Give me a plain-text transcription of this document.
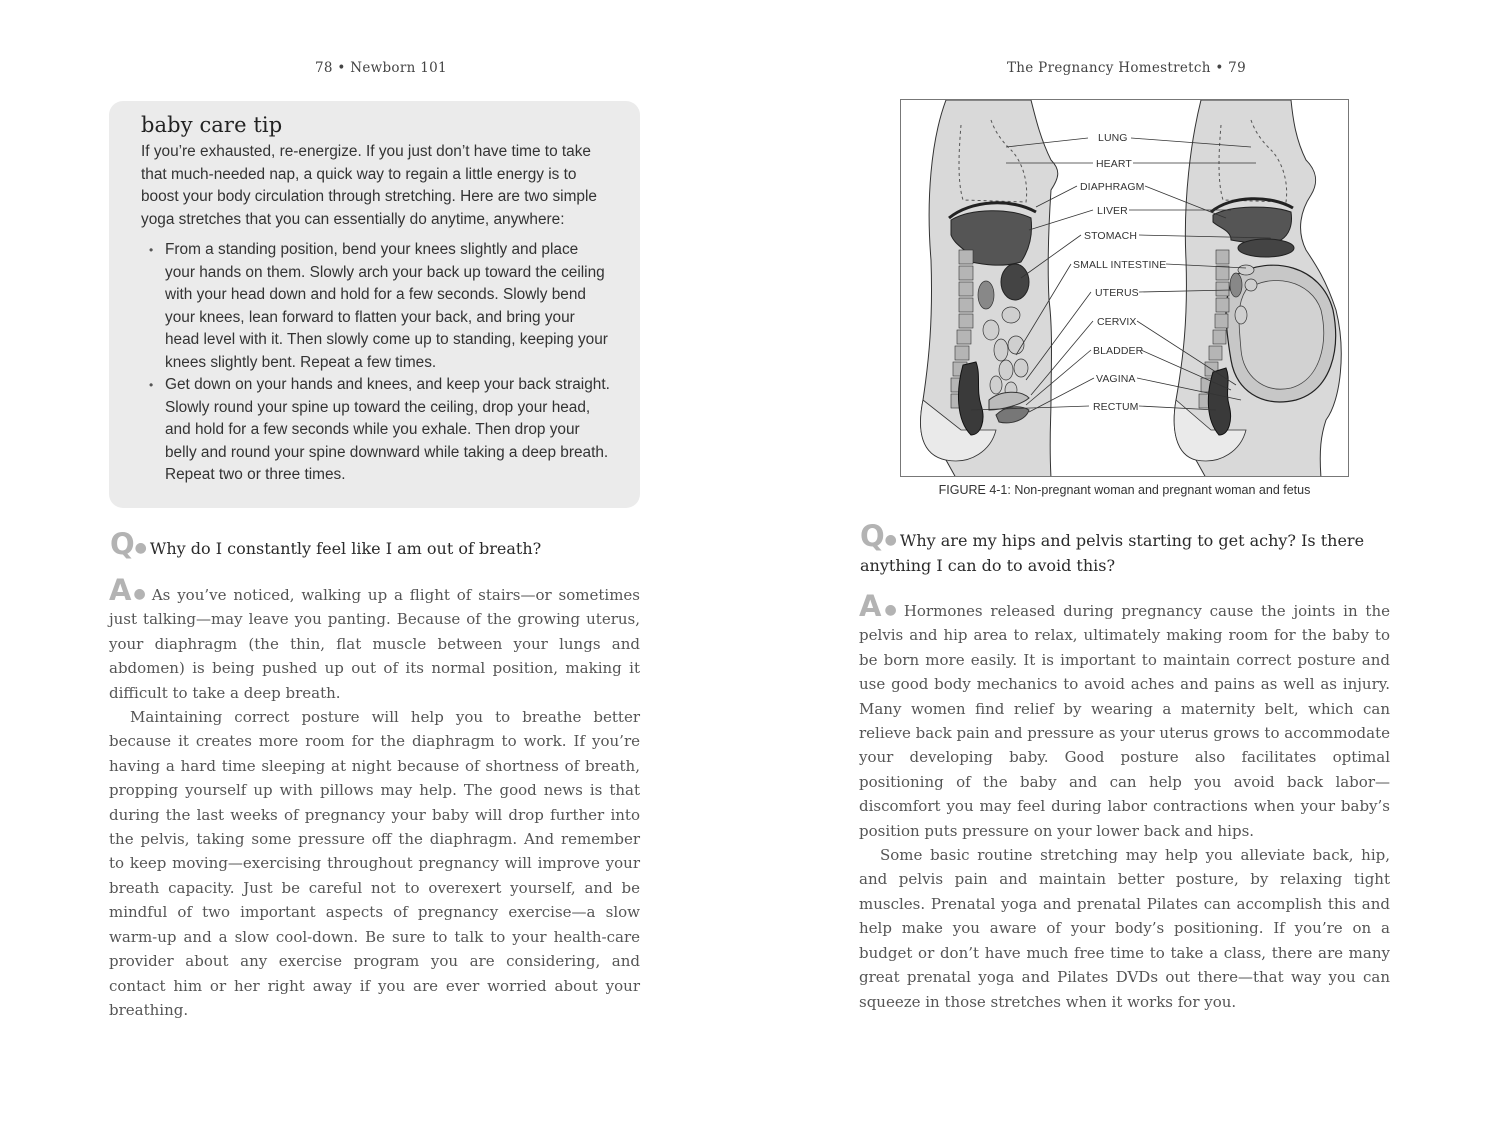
78 • Newborn 101
baby care tip

If you’re exhausted, re-energize. If you just don’t have time to take that much-needed nap, a quick way to regain a little energy is to boost your body circulation through stretching. Here are two simple yoga stretches that you can essentially do anytime, anywhere:

• From a standing position, bend your knees slightly and place your hands on them. Slowly arch your back up toward the ceiling with your head down and hold for a few seconds. Slowly bend your knees, lean forward to flatten your back, and bring your head level with it. Then slowly come up to standing, keeping your knees slightly bent. Repeat a few times.
• Get down on your hands and knees, and keep your back straight. Slowly round your spine up toward the ceiling, drop your head, and hold for a few seconds while you exhale. Then drop your belly and round your spine downward while taking a deep breath. Repeat two or three times.
Q● Why do I constantly feel like I am out of breath?

A● As you’ve noticed, walking up a flight of stairs—or sometimes just talking—may leave you panting. Because of the growing uterus, your diaphragm (the thin, flat muscle between your lungs and abdomen) is being pushed up out of its normal position, making it difficult to take a deep breath.

Maintaining correct posture will help you to breathe better because it creates more room for the diaphragm to work. If you’re having a hard time sleeping at night because of shortness of breath, propping yourself up with pillows may help. The good news is that during the last weeks of pregnancy your baby will drop further into the pelvis, taking some pressure off the diaphragm. And remember to keep moving—exercising throughout pregnancy will improve your breath capacity. Just be careful not to overexert yourself, and be mindful of two important aspects of pregnancy exercise—a slow warm-up and a slow cool-down. Be sure to talk to your health-care provider about any exercise program you are considering, and contact him or her right away if you are ever worried about your breathing.

The Pregnancy Homestretch • 79
LUNG
HEART
DIAPHRAGM
LIVER
STOMACH
SMALL INTESTINE
UTERUS
CERVIX
BLADDER
VAGINA
RECTUM
FIGURE 4-1: Non-pregnant woman and pregnant woman and fetus
Q● Why are my hips and pelvis starting to get achy? Is there anything I can do to avoid this?

A● Hormones released during pregnancy cause the joints in the pelvis and hip area to relax, ultimately making room for the baby to be born more easily. It is important to maintain correct posture and use good body mechanics to avoid aches and pains as well as injury. Many women find relief by wearing a maternity belt, which can relieve back pain and pressure as your uterus grows to accommodate your developing baby. Good posture also facilitates optimal positioning of the baby and can help you avoid back labor—discomfort you may feel during labor contractions when your baby’s position puts pressure on your lower back and hips.

Some basic routine stretching may help you alleviate back, hip, and pelvis pain and maintain better posture, by relaxing tight muscles. Prenatal yoga and prenatal Pilates can accomplish this and help make you aware of your body’s positioning. If you’re on a budget or don’t have much free time to take a class, there are many great prenatal yoga and Pilates DVDs out there—that way you can squeeze in those stretches when it works for you.
